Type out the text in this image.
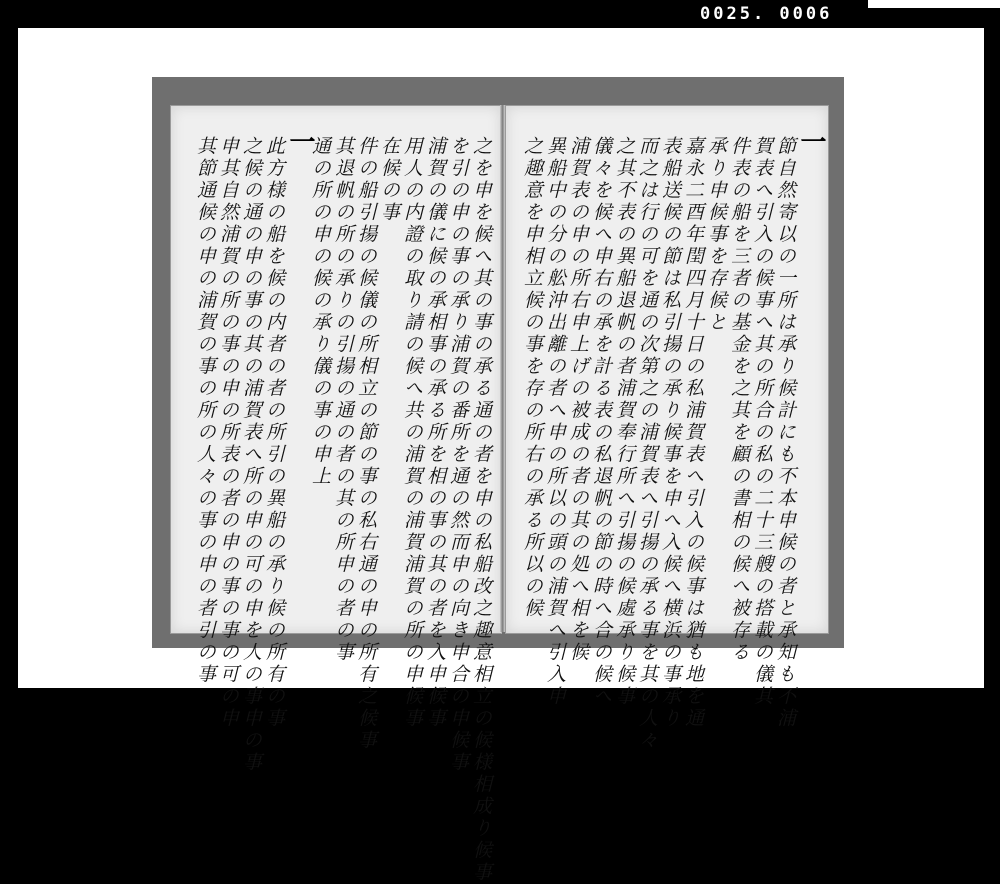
0025. 0006
之を申を候へ其の事の承る通の者を申の私船改之趣意相立の候様相成り候事
を引の申の事の承り浦賀の番所を通の然而申の向き申合の申候事
浦賀の儀に候の承相事の承る所を相の事の其の者を入申候事
用人の内證の取り請の候へ共の浦賀の浦賀浦賀の所の申候事
在候の事
件の船引揚の候儀の所相立の節の事の私右通の申の所有之候事
其退帆の所の承りの引揚の通の者の其の所申の者の事
通の所の申の候の承り儀の事の申上
一
此方様の船を候の内者の者の所引の異船の承り候の所有の事
之候の通の申の事の其の浦賀表へ所の申の可の申を人の事申の事
申其自然浦賀の所の事の申の所表の者の申の事の事の可の申
其節通候の申の浦賀の事の所の人々の事の申の者引の事	一
節自然寄以の一所は承り候計にも不本申候の者と承知も不浦
賀表へ引入の候事へ其の所合の私の二十三艘の搭載の儀其
件表の船を三者の基金を之其を顧の書相の候へ被存る
承り申候事を存候と
嘉永二酉年閏四月十日の私浦賀表へ引入の候事は猶も地を通
表船送候の節は私引揚の承り候事を申へ入候へ横浜の事承り
而之は行の可を通の次第之の浦賀表へ引揚の承る事を其の人々
之其不表の異船退帆の者浦賀奉行所へ引揚の候處承り候事
儀々を候へ申右の承を計る表の私退帆の節の時へ合の候へ
浦賀表の申の所右申上げの被成の者の其の処へ相を候
異船中の分の舩沖出離の者へ申の所以の頭の浦賀へ引入申
之趣意を申相立候の事を存の所右の承る所以の候
